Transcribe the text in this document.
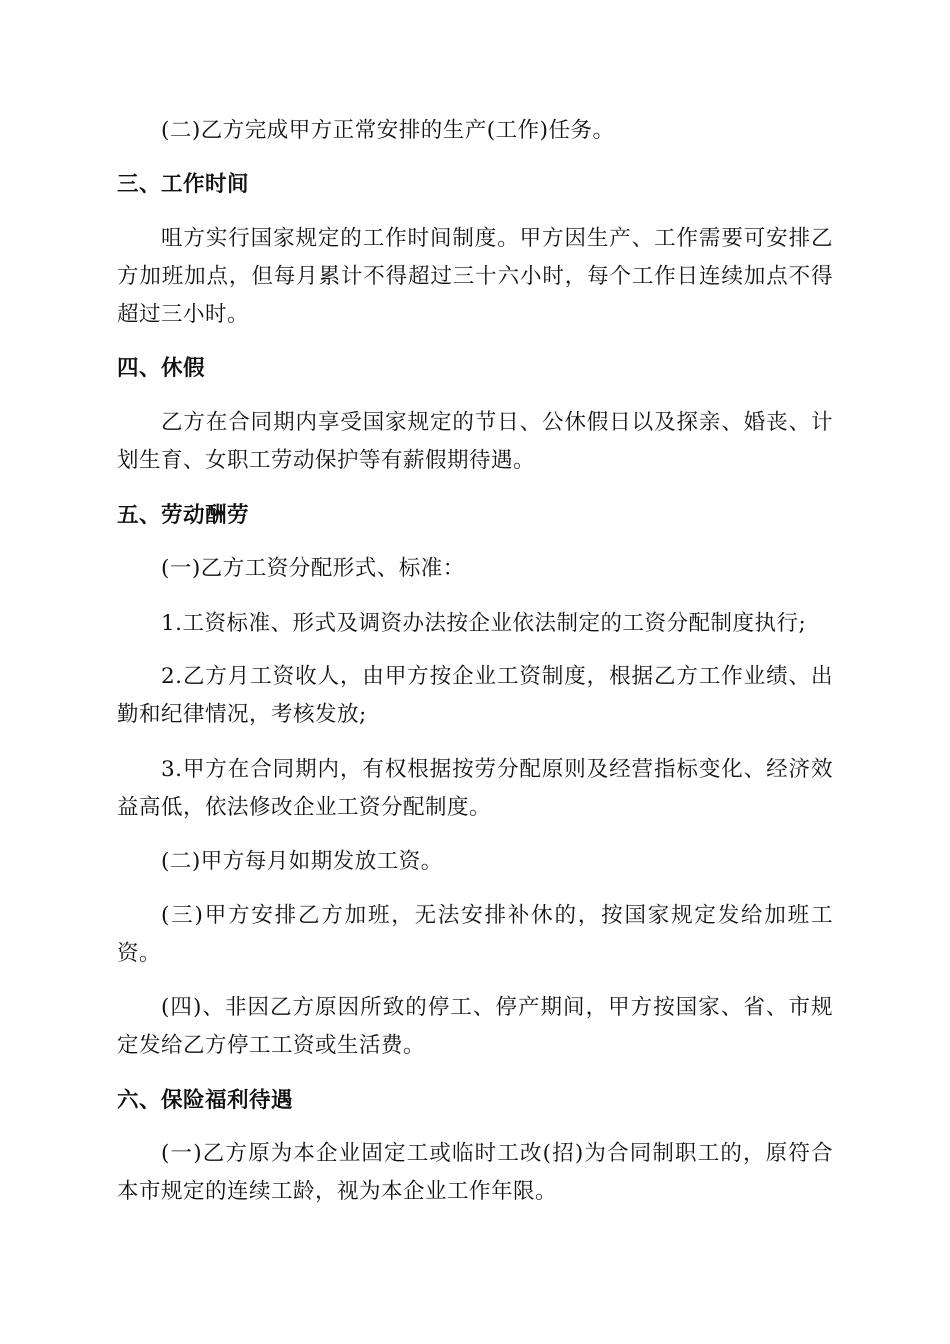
(二)乙方完成甲方正常安排的生产(工作)任务。

三、工作时间

咀方实行国家规定的工作时间制度。甲方因生产、工作需要可安排乙方加班加点，但每月累计不得超过三十六小时，每个工作日连续加点不得超过三小时。

四、休假

乙方在合同期内享受国家规定的节日、公休假日以及探亲、婚丧、计划生育、女职工劳动保护等有薪假期待遇。

五、劳动酬劳

(一)乙方工资分配形式、标准：

1.工资标准、形式及调资办法按企业依法制定的工资分配制度执行;

2.乙方月工资收人，由甲方按企业工资制度，根据乙方工作业绩、出勤和纪律情况，考核发放;

3.甲方在合同期内，有权根据按劳分配原则及经营指标变化、经济效益高低，依法修改企业工资分配制度。

(二)甲方每月如期发放工资。

(三)甲方安排乙方加班，无法安排补休的，按国家规定发给加班工资。

(四)、非因乙方原因所致的停工、停产期间，甲方按国家、省、市规定发给乙方停工工资或生活费。

六、保险福利待遇

(一)乙方原为本企业固定工或临时工改(招)为合同制职工的，原符合本市规定的连续工龄，视为本企业工作年限。
